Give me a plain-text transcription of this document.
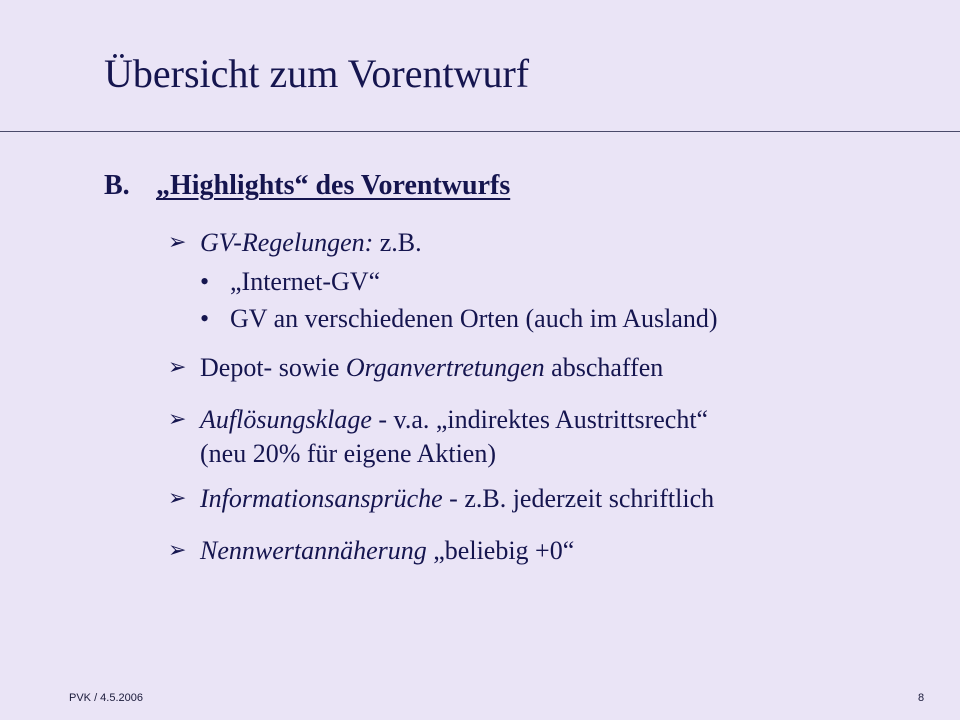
Übersicht zum Vorentwurf
B. „Highlights“ des Vorentwurfs
➢ GV-Regelungen: z.B.
• „Internet-GV“
• GV an verschiedenen Orten (auch im Ausland)
➢ Depot- sowie Organvertretungen abschaffen
➢ Auflösungsklage - v.a. „indirektes Austrittsrecht“
(neu 20% für eigene Aktien)
➢ Informationsansprüche - z.B. jederzeit schriftlich
➢ Nennwertannäherung „beliebig +0“
PVK / 4.5.2006	8
